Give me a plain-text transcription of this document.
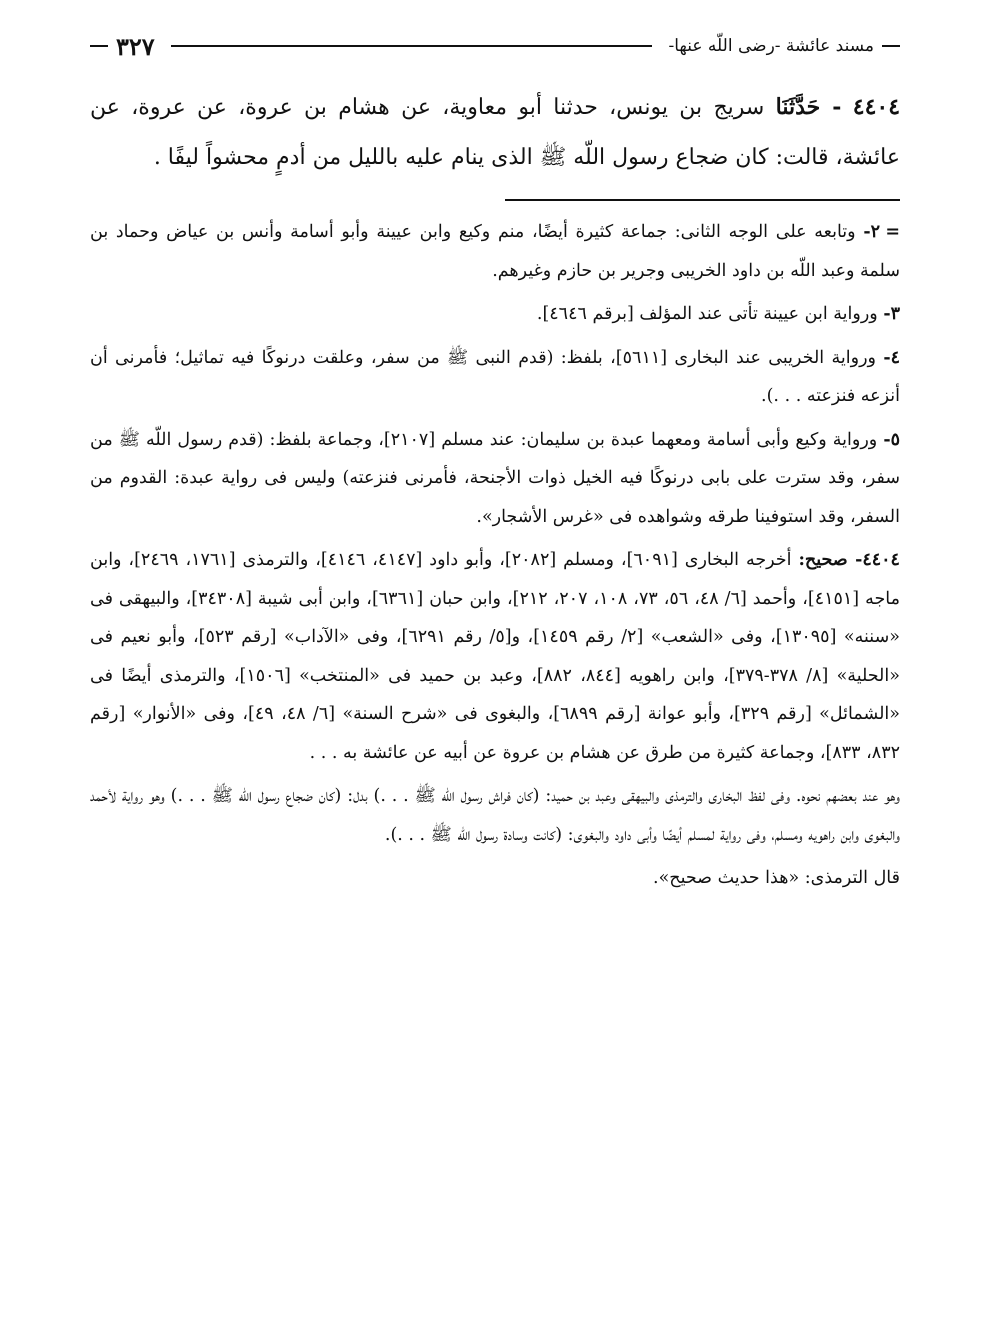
مسند عائشة -رضى اللّه عنها-
٣٢٧
٤٤٠٤ - حَدَّثَنَا سريج بن يونس، حدثنا أبو معاوية، عن هشام بن عروة، عن عروة، عن عائشة، قالت: كان ضجاع رسول اللّه ﷺ الذى ينام عليه بالليل من أدمٍ محشواً ليفًا .
=٢- وتابعه على الوجه الثانى: جماعة كثيرة أيضًا، منم وكيع وابن عيينة وأبو أسامة وأنس بن عياض وحماد بن سلمة وعبد اللّه بن داود الخريبى وجرير بن حازم وغيرهم.
٣- ورواية ابن عيينة تأتى عند المؤلف [برقم ٤٦٤٦].
٤- ورواية الخريبى عند البخارى [٥٦١١]، بلفظ: (قدم النبى ﷺ من سفر، وعلقت درنوكًا فيه تماثيل؛ فأمرنى أن أنزعه فنزعته . . .).
٥- ورواية وكيع وأبى أسامة ومعهما عبدة بن سليمان: عند مسلم [٢١٠٧]، وجماعة بلفظ: (قدم رسول اللّه ﷺ من سفر، وقد سترت على بابى درنوكًا فيه الخيل ذوات الأجنحة، فأمرنى فنزعته) وليس فى رواية عبدة: القدوم من السفر، وقد استوفينا طرقه وشواهده فى «غرس الأشجار».
٤٤٠٤- صحيح: أخرجه البخارى [٦٠٩١]، ومسلم [٢٠٨٢]، وأبو داود [٤١٤٧، ٤١٤٦]، والترمذى [١٧٦١، ٢٤٦٩]، وابن ماجه [٤١٥١]، وأحمد [٦/ ٤٨، ٥٦، ٧٣، ١٠٨، ٢٠٧، ٢١٢]، وابن حبان [٦٣٦١]، وابن أبى شيبة [٣٤٣٠٨]، والبيهقى فى «سننه» [١٣٠٩٥]، وفى «الشعب» [٢/ رقم ١٤٥٩]، و[٥/ رقم ٦٢٩١]، وفى «الآداب» [رقم ٥٢٣]، وأبو نعيم فى «الحلية» [٨/ ٣٧٨-٣٧٩]، وابن راهويه [٨٤٤، ٨٨٢]، وعبد بن حميد فى «المنتخب» [١٥٠٦]، والترمذى أيضًا فى «الشمائل» [رقم ٣٢٩]، وأبو عوانة [رقم ٦٨٩٩]، والبغوى فى «شرح السنة» [٦/ ٤٨، ٤٩]، وفى «الأنوار» [رقم ٨٣٢، ٨٣٣]، وجماعة كثيرة من طرق عن هشام بن عروة عن أبيه عن عائشة به . . .
وهو عند بعضهم نحوه. وفى لفظ البخارى والترمذى والبيهقى وعبد بن حميد: (كان فراش رسول اللّه ﷺ . . .) بدل: (كان ضجاع رسول اللّه ﷺ . . .) وهو رواية لأحمد والبغوى وابن راهويه ومسلم، وفى رواية لمسلم أيضًا وأبى داود والبغوى: (كانت وسادة رسول اللّه ﷺ . . .).
قال الترمذى: «هذا حديث صحيح».
